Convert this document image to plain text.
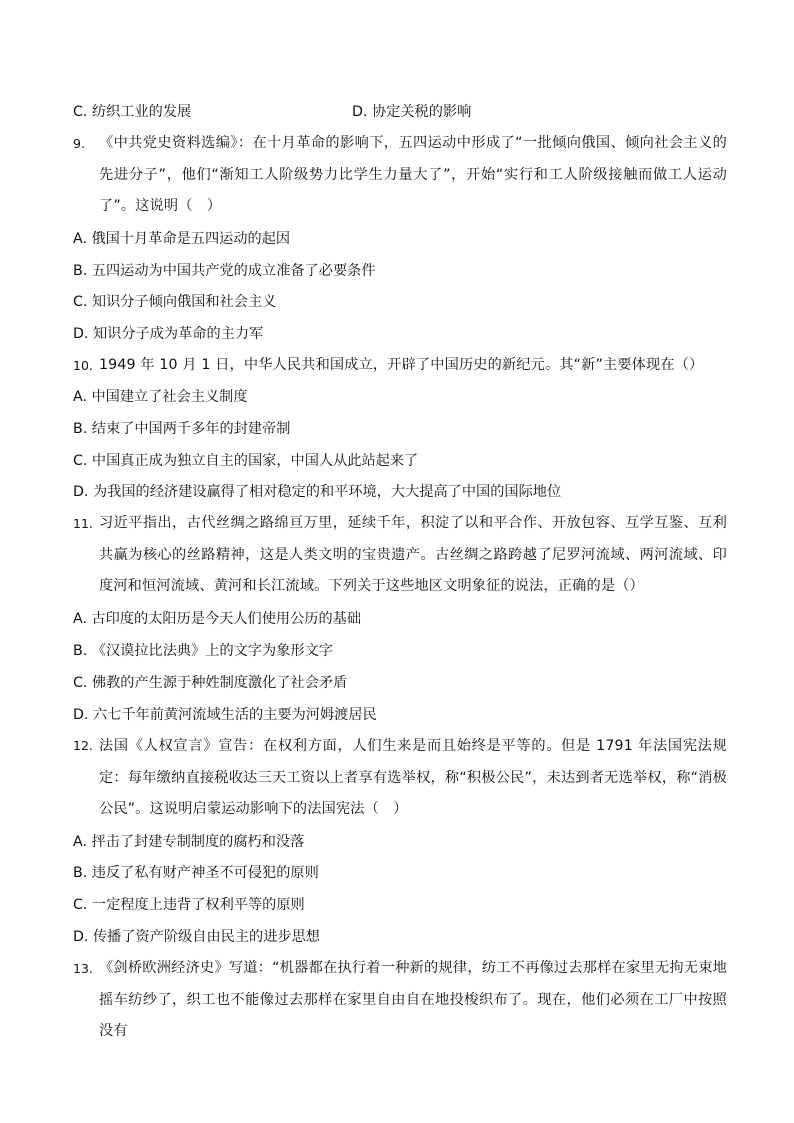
C. 纺织工业的发展	D. 协定关税的影响
9. 《中共党史资料选编》：在十月革命的影响下，五四运动中形成了“一批倾向俄国、倾向社会主义的先进分子”，他们“渐知工人阶级势力比学生力量大了”，开始“实行和工人阶级接触而做工人运动了”。这说明（　）
A. 俄国十月革命是五四运动的起因
B. 五四运动为中国共产党的成立准备了必要条件
C. 知识分子倾向俄国和社会主义
D. 知识分子成为革命的主力军
10. 1949 年 10 月 1 日，中华人民共和国成立，开辟了中国历史的新纪元。其“新”主要体现在（）
A. 中国建立了社会主义制度
B. 结束了中国两千多年的封建帝制
C. 中国真正成为独立自主的国家，中国人从此站起来了
D. 为我国的经济建设赢得了相对稳定的和平环境，大大提高了中国的国际地位
11. 习近平指出，古代丝绸之路绵亘万里，延续千年，积淀了以和平合作、开放包容、互学互鉴、互利共赢为核心的丝路精神，这是人类文明的宝贵遗产。古丝绸之路跨越了尼罗河流域、两河流域、印度河和恒河流域、黄河和长江流域。下列关于这些地区文明象征的说法，正确的是（）
A. 古印度的太阳历是今天人们使用公历的基础
B. 《汉谟拉比法典》上的文字为象形文字
C. 佛教的产生源于种姓制度激化了社会矛盾
D. 六七千年前黄河流域生活的主要为河姆渡居民
12. 法国《人权宣言》宣告：在权利方面，人们生来是而且始终是平等的。但是 1791 年法国宪法规定：每年缴纳直接税收达三天工资以上者享有选举权，称“积极公民”，未达到者无选举权，称“消极公民”。这说明启蒙运动影响下的法国宪法（　）
A. 抨击了封建专制制度的腐朽和没落
B. 违反了私有财产神圣不可侵犯的原则
C. 一定程度上违背了权利平等的原则
D. 传播了资产阶级自由民主的进步思想
13. 《剑桥欧洲经济史》写道：“机器都在执行着一种新的规律，纺工不再像过去那样在家里无拘无束地摇车纺纱了，织工也不能像过去那样在家里自由自在地投梭织布了。现在，他们必须在工厂中按照没有
